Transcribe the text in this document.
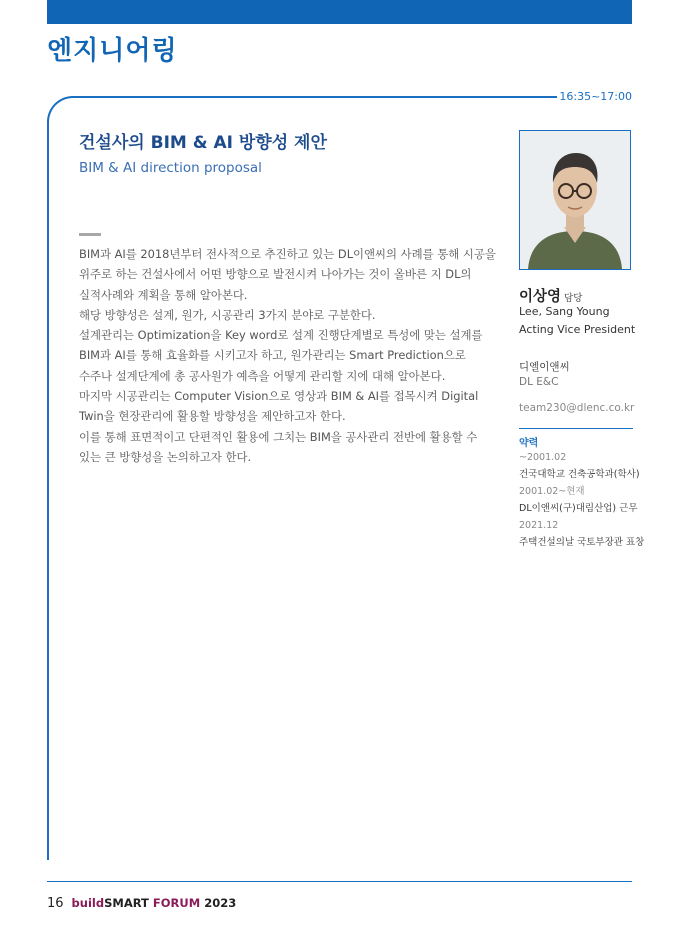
엔지니어링
16:35~17:00
건설사의 BIM & AI 방향성 제안
BIM & AI direction proposal
BIM과 AI를 2018년부터 전사적으로 추진하고 있는 DL이앤씨의 사례를 통해 시공을
위주로 하는 건설사에서 어떤 방향으로 발전시켜 나아가는 것이 올바른 지 DL의
실적사례와 계획을 통해 알아본다.
해당 방향성은 설계, 원가, 시공관리 3가지 분야로 구분한다.
설계관리는 Optimization을 Key word로 설계 진행단계별로 특성에 맞는 설계를
BIM과 AI를 통해 효율화를 시키고자 하고, 원가관리는 Smart Prediction으로
수주나 설계단계에 총 공사원가 예측을 어떻게 관리할 지에 대해 알아본다.
마지막 시공관리는 Computer Vision으로 영상과 BIM & AI를 접목시켜 Digital
Twin을 현장관리에 활용할 방향성을 제안하고자 한다.
이를 통해 표면적이고 단편적인 활용에 그치는 BIM을 공사관리 전반에 활용할 수
있는 큰 방향성을 논의하고자 한다.
이상영 담당
Lee, Sang Young
Acting Vice President
디엘이앤씨
DL E&C
team230@dlenc.co.kr
약력
~2001.02
건국대학교 건축공학과(학사)
2001.02~현재
DL이앤씨(구)대림산업) 근무
2021.12
주택건설의날 국토부장관 표창
16 buildSMART FORUM 2023
